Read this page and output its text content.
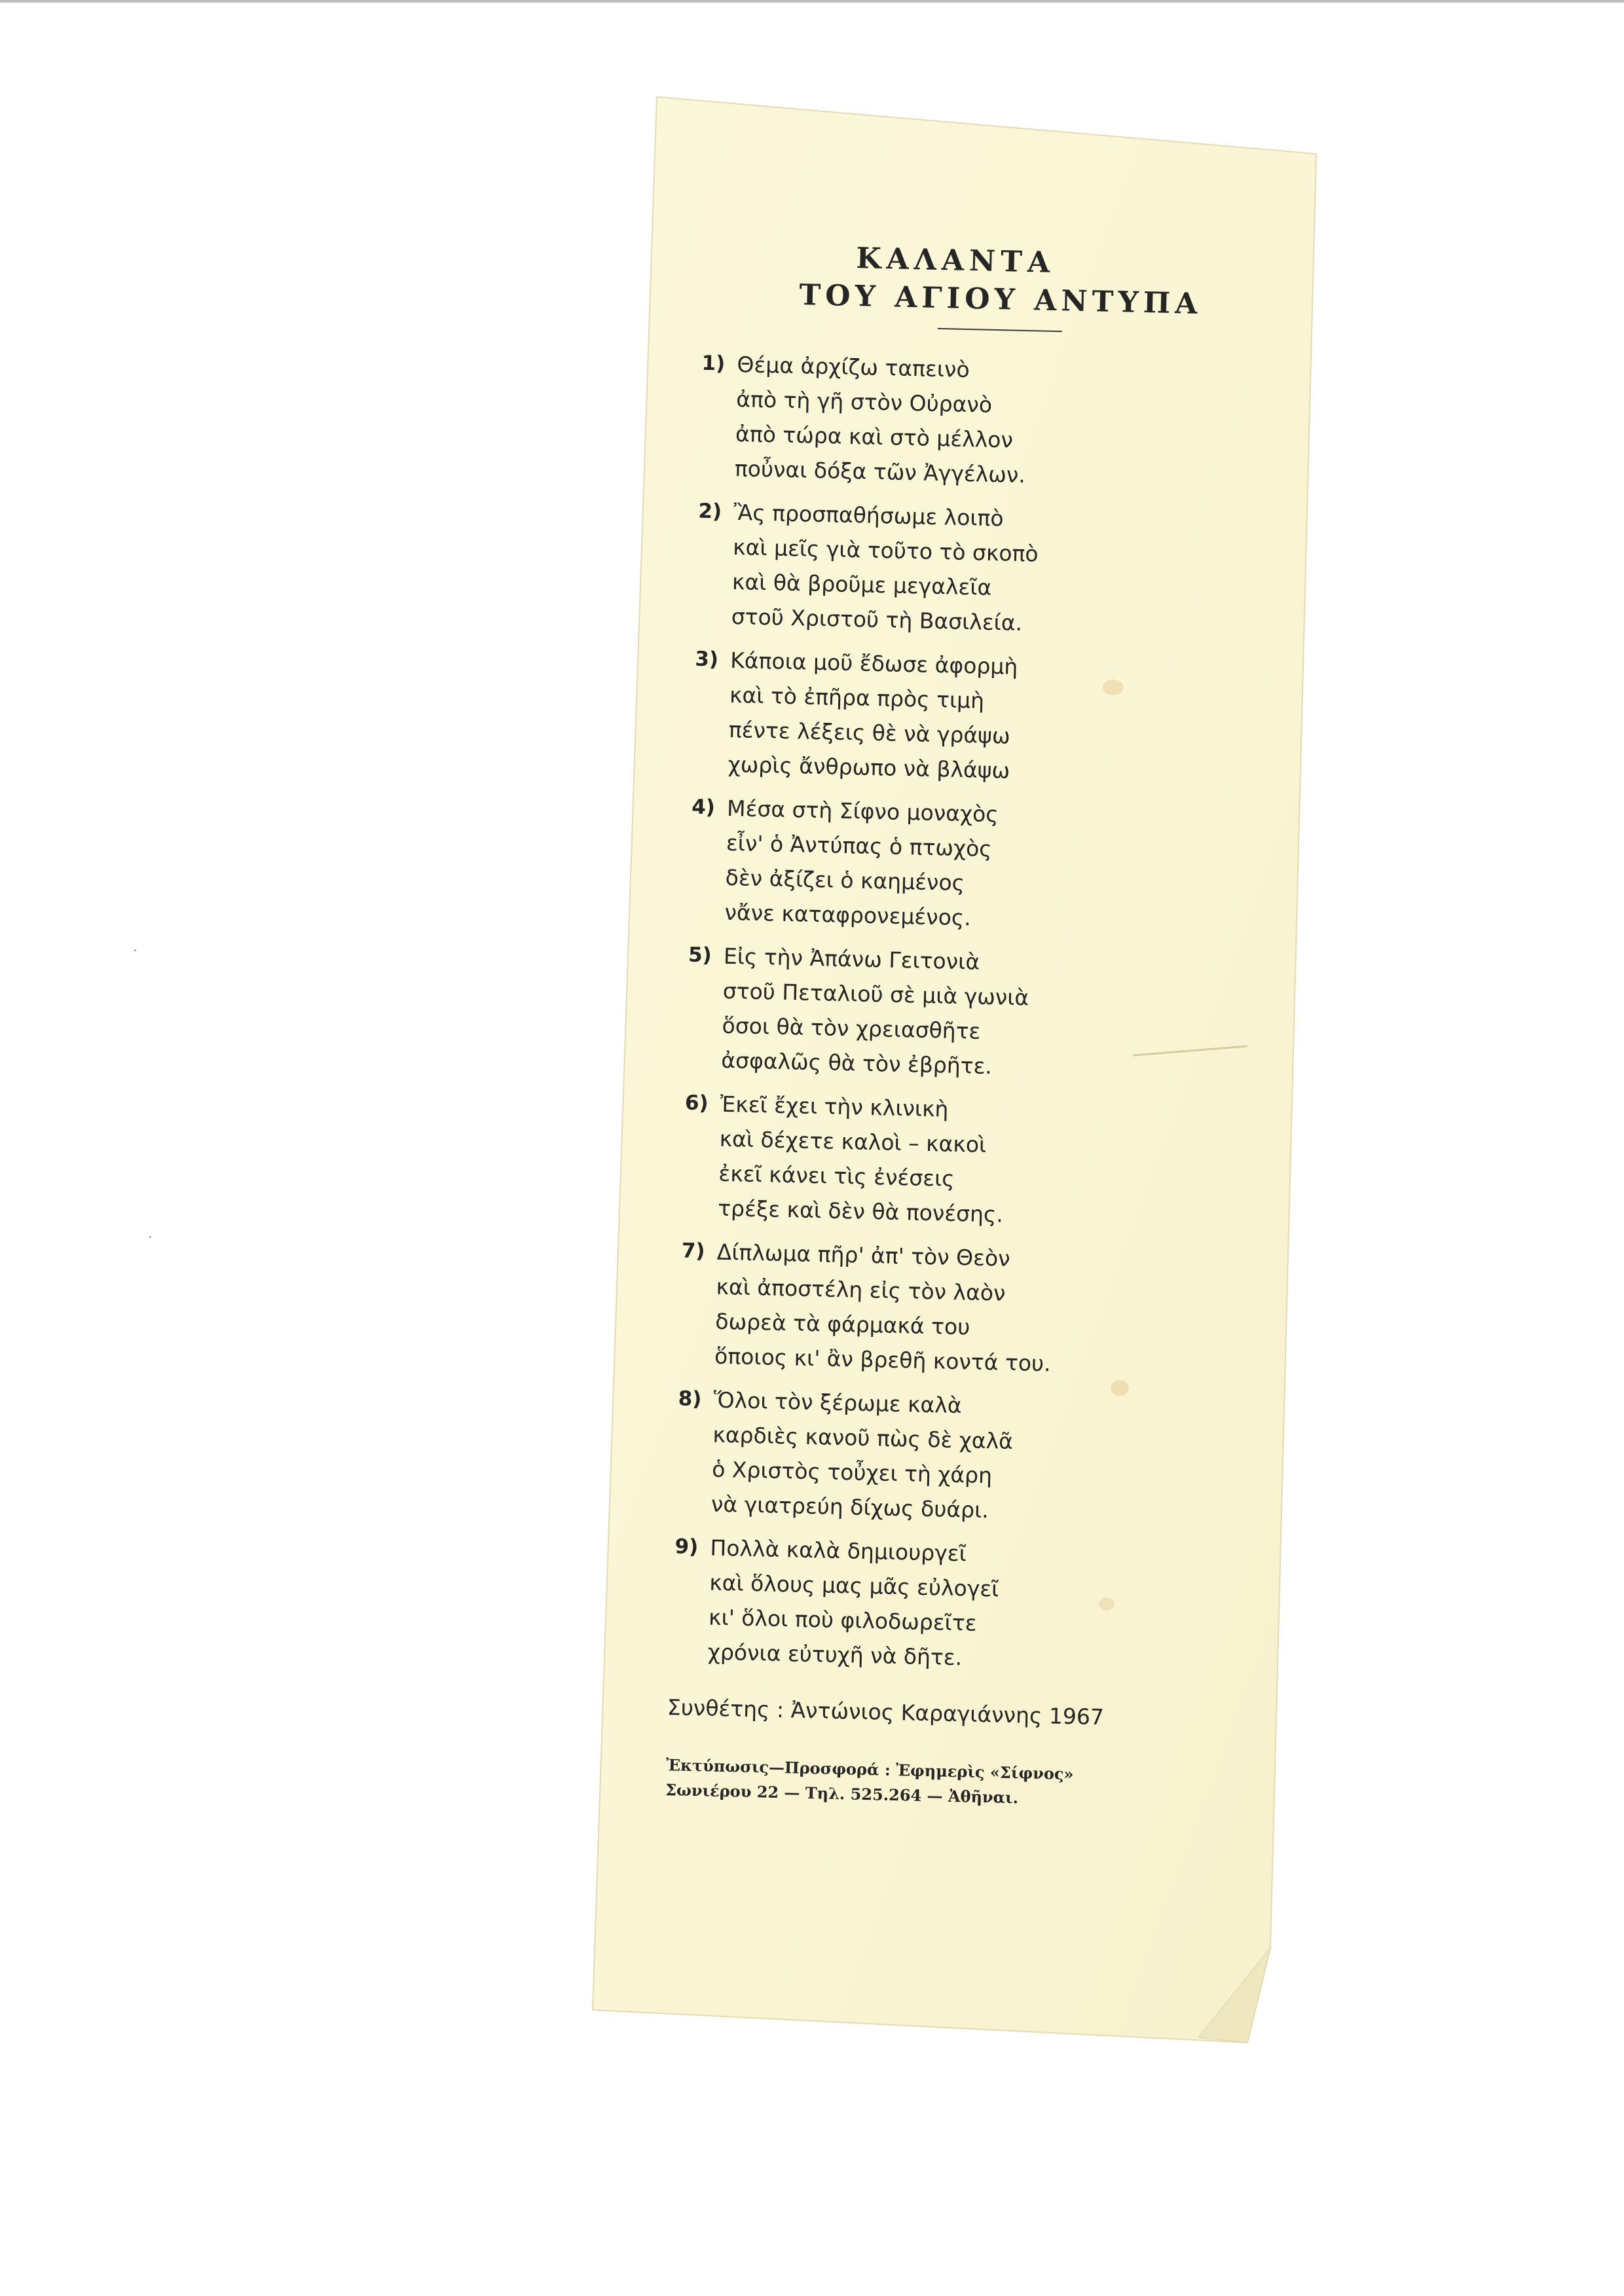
ΚΑΛΑΝΤΑ
ΤΟΥ ΑΓΙΟΥ ΑΝΤΥΠΑ
1) Θέμα ἀρχίζω ταπεινὸ
ἀπὸ τὴ γῆ στὸν Οὐρανὸ
ἀπὸ τώρα καὶ στὸ μέλλον
ποὖναι δόξα τῶν Ἀγγέλων.
2) Ἂς προσπαθήσωμε λοιπὸ
καὶ μεῖς γιὰ τοῦτο τὸ σκοπὸ
καὶ θὰ βροῦμε μεγαλεῖα
στοῦ Χριστοῦ τὴ Βασιλεία.
3) Κάποια μοῦ ἔδωσε ἀφορμὴ
καὶ τὸ ἐπῆρα πρὸς τιμὴ
πέντε λέξεις θὲ νὰ γράψω
χωρὶς ἄνθρωπο νὰ βλάψω
4) Μέσα στὴ Σίφνο μοναχὸς
εἶν' ὁ Ἀντύπας ὁ πτωχὸς
δὲν ἀξίζει ὁ καημένος
νἄνε καταφρονεμένος.
5) Εἰς τὴν Ἀπάνω Γειτονιὰ
στοῦ Πεταλιοῦ σὲ μιὰ γωνιὰ
ὅσοι θὰ τὸν χρειασθῆτε
ἀσφαλῶς θὰ τὸν ἐβρῆτε.
6) Ἐκεῖ ἔχει τὴν κλινικὴ
καὶ δέχετε καλοὶ – κακοὶ
ἐκεῖ κάνει τὶς ἐνέσεις
τρέξε καὶ δὲν θὰ πονέσης.
7) Δίπλωμα πῆρ' ἀπ' τὸν Θεὸν
καὶ ἀποστέλη εἰς τὸν λαὸν
δωρεὰ τὰ φάρμακά του
ὅποιος κι' ἂν βρεθῆ κοντά του.
8) Ὅλοι τὸν ξέρωμε καλὰ
καρδιὲς κανοῦ πὼς δὲ χαλᾶ
ὁ Χριστὸς τοὖχει τὴ χάρη
νὰ γιατρεύη δίχως δυάρι.
9) Πολλὰ καλὰ δημιουργεῖ
καὶ ὅλους μας μᾶς εὐλογεῖ
κι' ὅλοι ποὺ φιλοδωρεῖτε
χρόνια εὐτυχῆ νὰ δῆτε.
Συνθέτης : Ἀντώνιος Καραγιάννης 1967
Ἐκτύπωσις—Προσφορά : Ἐφημερὶς «Σίφνος»
Σωνιέρου 22 — Τηλ. 525.264 — Ἀθῆναι.
